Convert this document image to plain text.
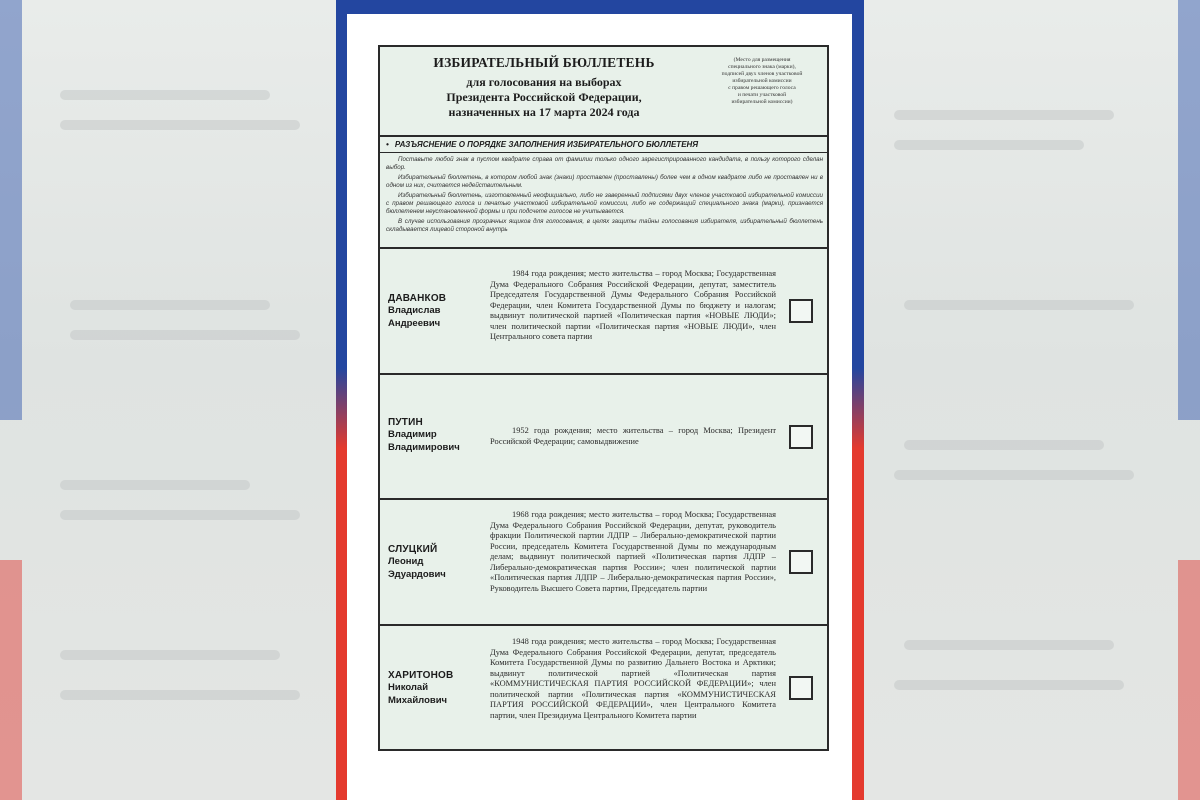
ИЗБИРАТЕЛЬНЫЙ БЮЛЛЕТЕНЬ
для голосования на выборах
Президента Российской Федерации,
назначенных на 17 марта 2024 года
(Место для размещения
специального знака (марки),
подписей двух членов участковой
избирательной комиссии
с правом решающего голоса
и печати участковой
избирательной комиссии)
• РАЗЪЯСНЕНИЕ О ПОРЯДКЕ ЗАПОЛНЕНИЯ ИЗБИРАТЕЛЬНОГО БЮЛЛЕТЕНЯ

Поставьте любой знак в пустом квадрате справа от фамилии только одного зарегистрированного кандидата, в пользу которого сделан выбор.

Избирательный бюллетень, в котором любой знак (знаки) проставлен (проставлены) более чем в одном квадрате либо не проставлен ни в одном из них, считается недействительным.

Избирательный бюллетень, изготовленный неофициально, либо не заверенный подписями двух членов участковой избирательной комиссии с правом решающего голоса и печатью участковой избирательной комиссии, либо не содержащий специального знака (марки), признается бюллетенем неустановленной формы и при подсчете голосов не учитывается.

В случае использования прозрачных ящиков для голосования, в целях защиты тайны голосования избирателя, избирательный бюллетень складывается лицевой стороной внутрь

ДАВАНКОВ
Владислав
Андреевич
1984 года рождения; место жительства – город Москва; Государственная Дума Федерального Собрания Российской Федерации, депутат, заместитель Председателя Государственной Думы Федерального Собрания Российской Федерации, член Комитета Государственной Думы по бюджету и налогам; выдвинут политической партией «Политическая партия «НОВЫЕ ЛЮДИ»; член политической партии «Политическая партия «НОВЫЕ ЛЮДИ», член Центрального совета партии
ПУТИН
Владимир
Владимирович
1952 года рождения; место жительства – город Москва; Президент Российской Федерации; самовыдвижение
СЛУЦКИЙ
Леонид
Эдуардович
1968 года рождения; место жительства – город Москва; Государственная Дума Федерального Собрания Российской Федерации, депутат, руководитель фракции Политической партии ЛДПР – Либерально-демократической партии России, председатель Комитета Государственной Думы по международным делам; выдвинут политической партией «Политическая партия ЛДПР – Либерально-демократическая партия России»; член политической партии «Политическая партия ЛДПР – Либерально-демократическая партия России», Руководитель Высшего Совета партии, Председатель партии
ХАРИТОНОВ
Николай
Михайлович
1948 года рождения; место жительства – город Москва; Государственная Дума Федерального Собрания Российской Федерации, депутат, председатель Комитета Государственной Думы по развитию Дальнего Востока и Арктики; выдвинут политической партией «Политическая партия «КОММУНИСТИЧЕСКАЯ ПАРТИЯ РОССИЙСКОЙ ФЕДЕРАЦИИ»; член политической партии «Политическая партия «КОММУНИСТИЧЕСКАЯ ПАРТИЯ РОССИЙСКОЙ ФЕДЕРАЦИИ», член Центрального Комитета партии, член Президиума Центрального Комитета партии
